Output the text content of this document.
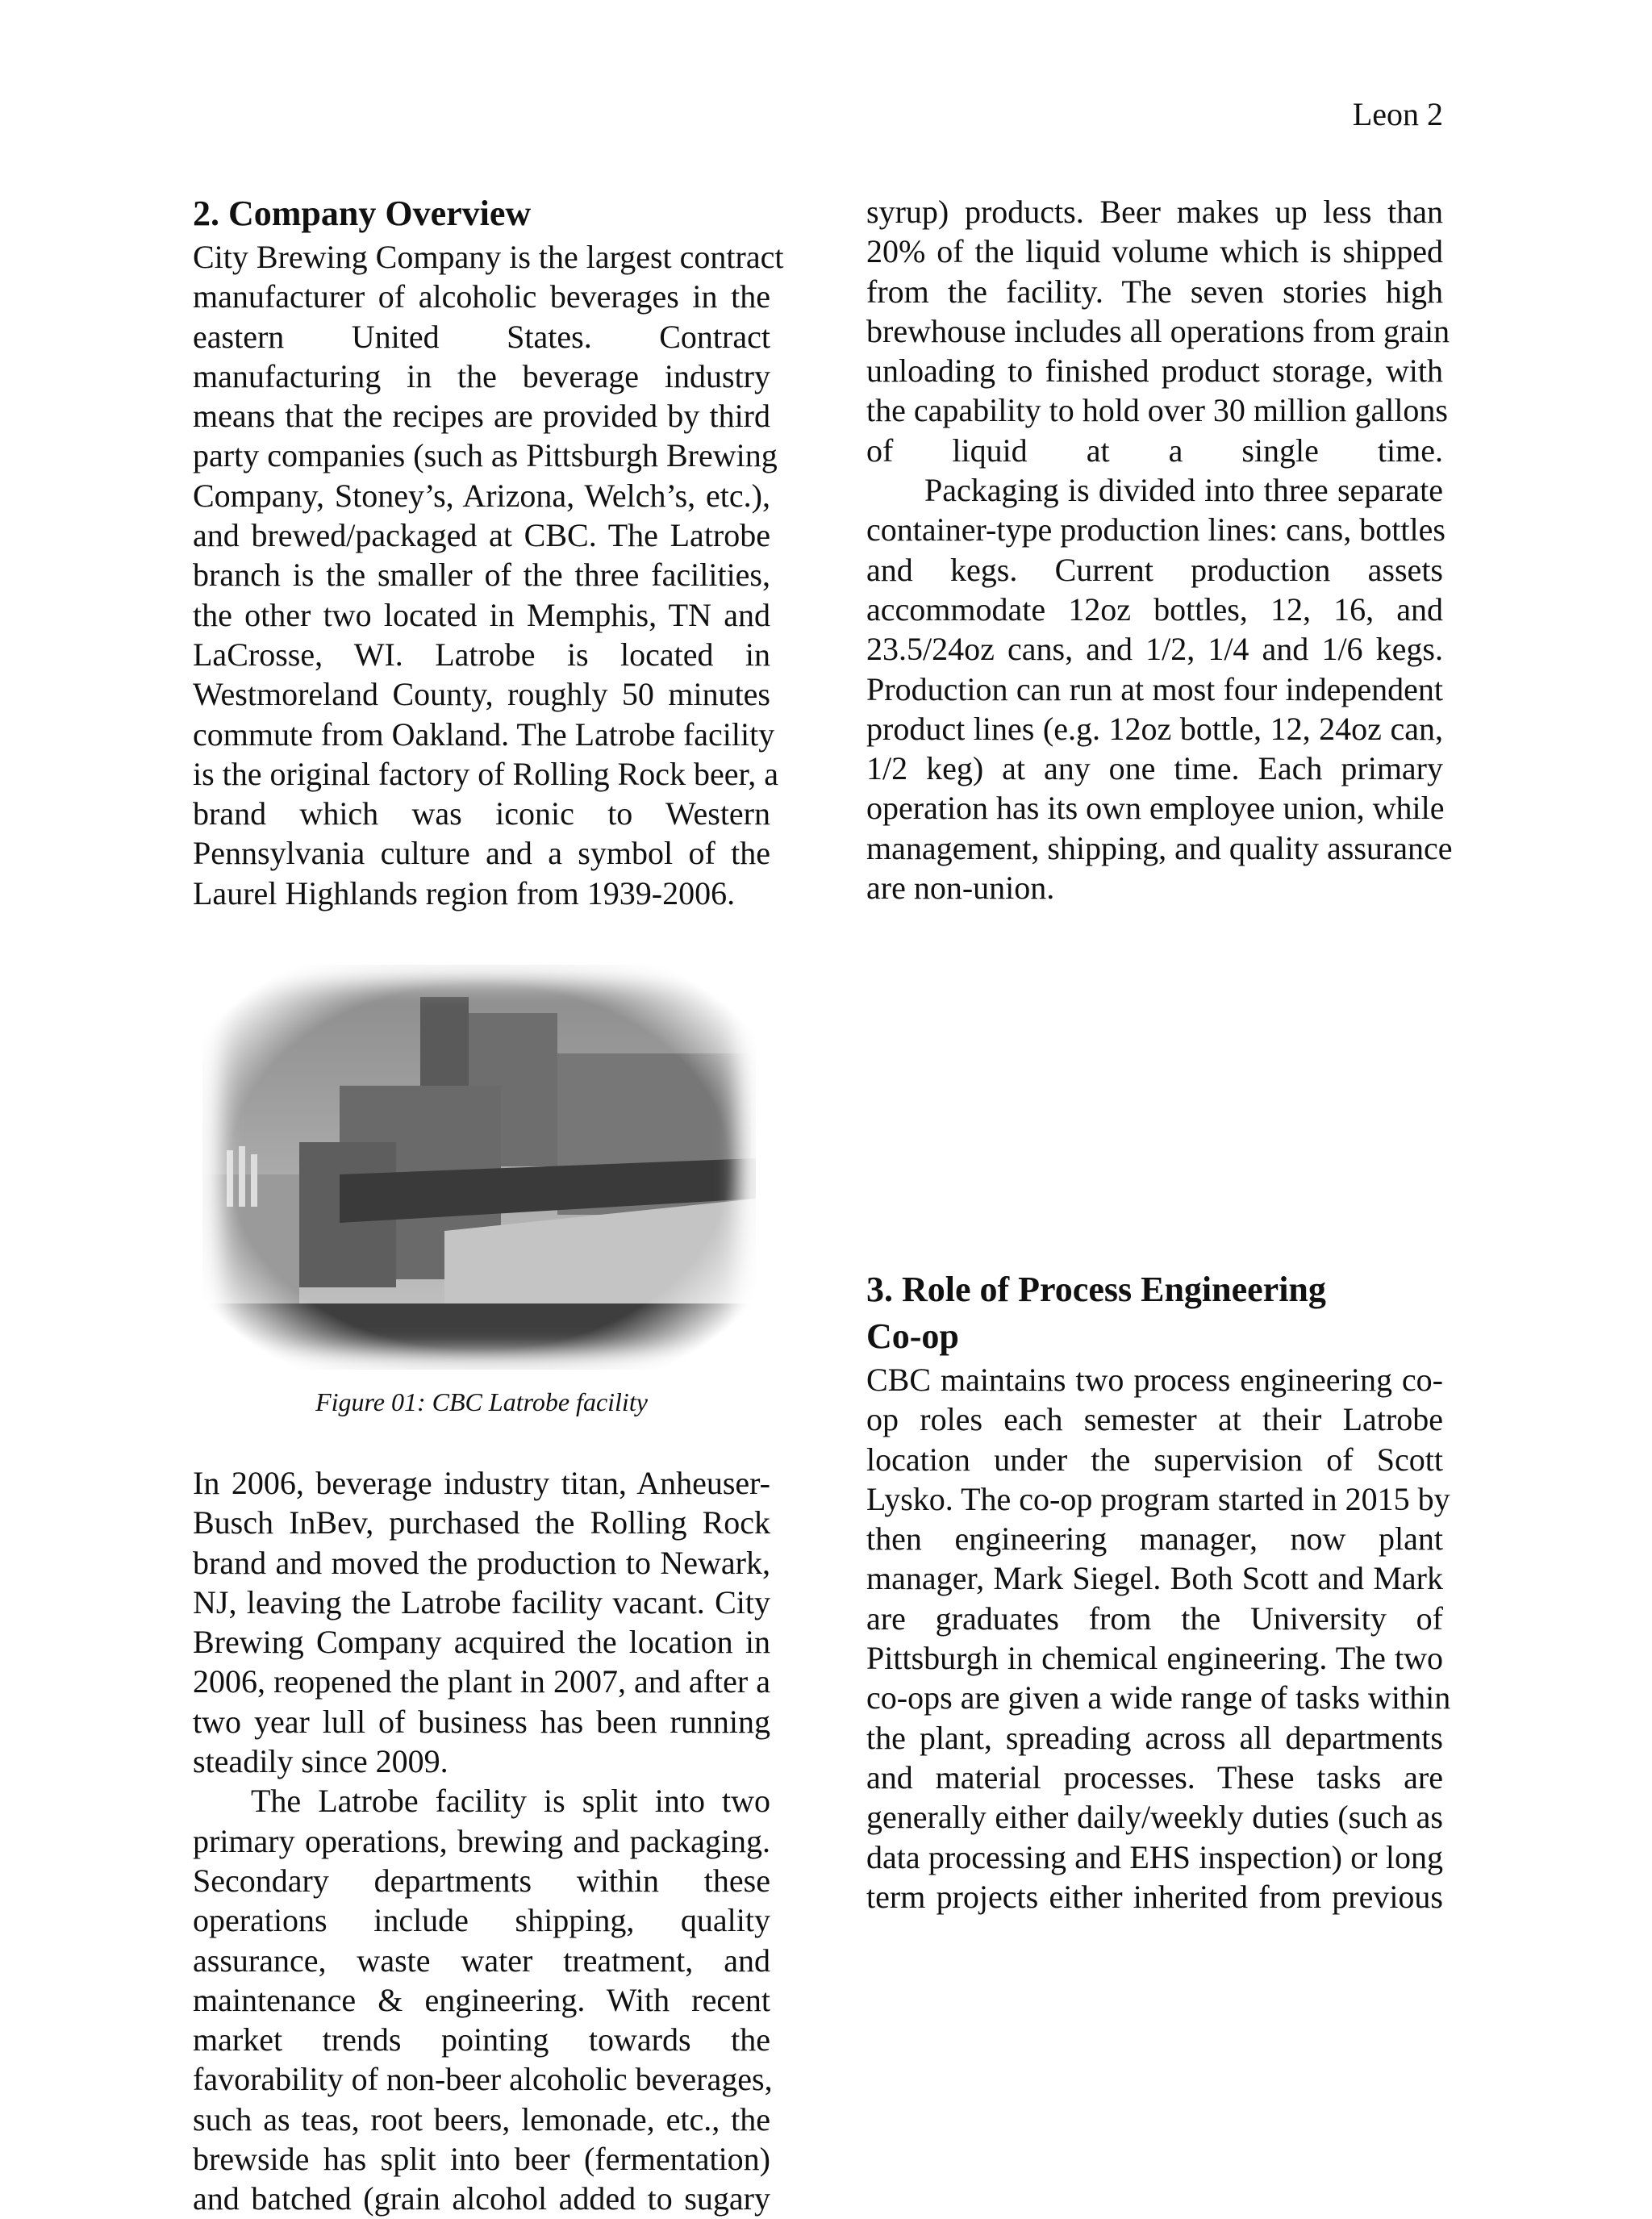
Leon 2
2. Company Overview
City Brewing Company is the largest contract
manufacturer of alcoholic beverages in the
eastern United States. Contract
manufacturing in the beverage industry
means that the recipes are provided by third
party companies (such as Pittsburgh Brewing
Company, Stoney’s, Arizona, Welch’s, etc.),
and brewed/packaged at CBC. The Latrobe
branch is the smaller of the three facilities,
the other two located in Memphis, TN and
LaCrosse, WI. Latrobe is located in
Westmoreland County, roughly 50 minutes
commute from Oakland. The Latrobe facility
is the original factory of Rolling Rock beer, a
brand which was iconic to Western
Pennsylvania culture and a symbol of the
Laurel Highlands region from 1939-2006.
Figure 01: CBC Latrobe facility
In 2006, beverage industry titan, Anheuser-
Busch InBev, purchased the Rolling Rock
brand and moved the production to Newark,
NJ, leaving the Latrobe facility vacant. City
Brewing Company acquired the location in
2006, reopened the plant in 2007, and after a
two year lull of business has been running
steadily since 2009.
The Latrobe facility is split into two
primary operations, brewing and packaging.
Secondary departments within these
operations include shipping, quality
assurance, waste water treatment, and
maintenance & engineering. With recent
market trends pointing towards the
favorability of non-beer alcoholic beverages,
such as teas, root beers, lemonade, etc., the
brewside has split into beer (fermentation)
and batched (grain alcohol added to sugary
syrup) products. Beer makes up less than
20% of the liquid volume which is shipped
from the facility. The seven stories high
brewhouse includes all operations from grain
unloading to finished product storage, with
the capability to hold over 30 million gallons
of liquid at a single time.
Packaging is divided into three separate
container-type production lines: cans, bottles
and kegs. Current production assets
accommodate 12oz bottles, 12, 16, and
23.5/24oz cans, and 1/2, 1/4 and 1/6 kegs.
Production can run at most four independent
product lines (e.g. 12oz bottle, 12, 24oz can,
1/2 keg) at any one time. Each primary
operation has its own employee union, while
management, shipping, and quality assurance
are non-union.
3. Role of Process Engineering
Co-op
CBC maintains two process engineering co-
op roles each semester at their Latrobe
location under the supervision of Scott
Lysko. The co-op program started in 2015 by
then engineering manager, now plant
manager, Mark Siegel. Both Scott and Mark
are graduates from the University of
Pittsburgh in chemical engineering. The two
co-ops are given a wide range of tasks within
the plant, spreading across all departments
and material processes. These tasks are
generally either daily/weekly duties (such as
data processing and EHS inspection) or long
term projects either inherited from previous
